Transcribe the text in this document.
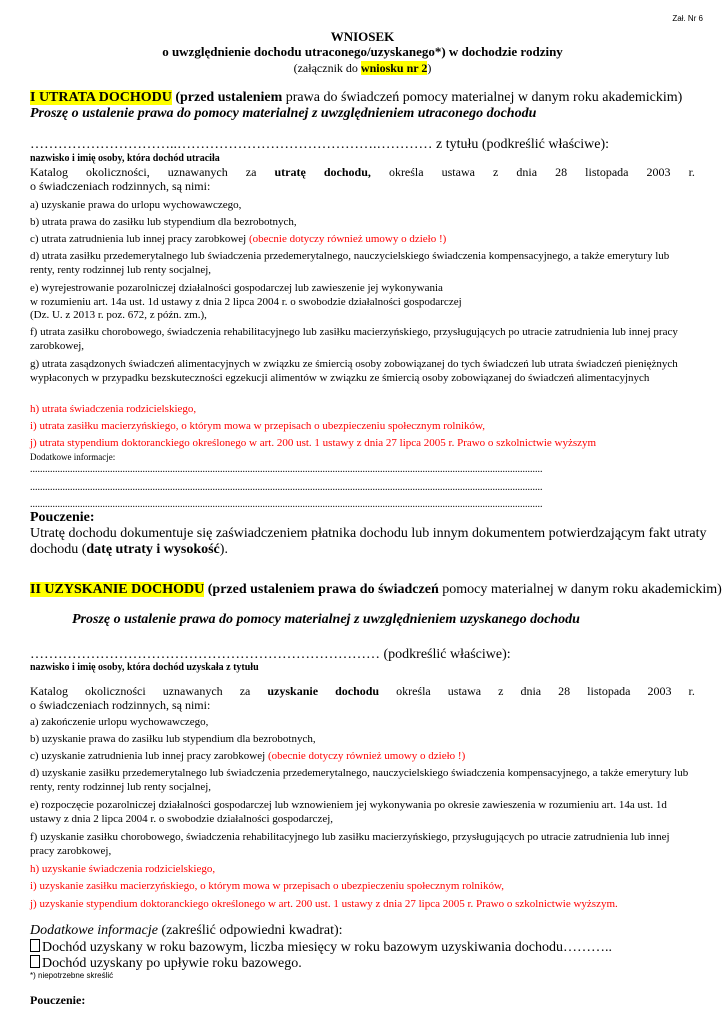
Zał. Nr 6
WNIOSEK
o uwzględnienie dochodu utraconego/uzyskanego*) w dochodzie rodziny
(załącznik do wniosku nr 2)
I UTRATA DOCHODU (przed ustaleniem prawa do świadczeń pomocy materialnej w danym roku akademickim)
Proszę o ustalenie prawa do pomocy materialnej z uwzględnieniem utraconego dochodu
…………………………..…………………………………….………… z tytułu (podkreślić właściwe):
nazwisko i imię osoby, która dochód utraciła
Katalog okoliczności, uznawanych za utratę dochodu, określa ustawa z dnia 28 listopada 2003 r.
o świadczeniach rodzinnych, są nimi:
a) uzyskanie prawa do urlopu wychowawczego,
b) utrata prawa do zasiłku lub stypendium dla bezrobotnych,
c) utrata zatrudnienia lub innej pracy zarobkowej (obecnie dotyczy również umowy o dzieło !)
d) utrata zasiłku przedemerytalnego lub świadczenia przedemerytalnego, nauczycielskiego świadczenia kompensacyjnego, a także emerytury lub renty, renty rodzinnej lub renty socjalnej,
e) wyrejestrowanie pozarolniczej działalności gospodarczej lub zawieszenie jej wykonywania
w rozumieniu art. 14a ust. 1d ustawy z dnia 2 lipca 2004 r. o swobodzie działalności gospodarczej
(Dz. U. z 2013 r. poz. 672, z późn. zm.),
f) utrata zasiłku chorobowego, świadczenia rehabilitacyjnego lub zasiłku macierzyńskiego, przysługujących po utracie zatrudnienia lub innej pracy zarobkowej,
g) utrata zasądzonych świadczeń alimentacyjnych w związku ze śmiercią osoby zobowiązanej do tych świadczeń lub utrata świadczeń pieniężnych wypłaconych w przypadku bezskuteczności egzekucji alimentów w związku ze śmiercią osoby zobowiązanej do świadczeń alimentacyjnych
h) utrata świadczenia rodzicielskiego,
i) utrata zasiłku macierzyńskiego, o którym mowa w przepisach o ubezpieczeniu społecznym rolników,
j) utrata stypendium doktoranckiego określonego w art. 200 ust. 1 ustawy z dnia 27 lipca 2005 r. Prawo o szkolnictwie wyższym
Dodatkowe informacje:
.............................................................................................................................................................................................................
.............................................................................................................................................................................................................
.............................................................................................................................................................................................................
Pouczenie:
Utratę dochodu dokumentuje się zaświadczeniem płatnika dochodu lub innym dokumentem potwierdzającym fakt utraty
dochodu (datę utraty i wysokość).
II UZYSKANIE DOCHODU (przed ustaleniem prawa do świadczeń pomocy materialnej w danym roku akademickim)
Proszę o ustalenie prawa do pomocy materialnej z uwzględnieniem uzyskanego dochodu
………………………………………………………………… (podkreślić właściwe):
nazwisko i imię osoby, która dochód uzyskała z tytułu
Katalog okoliczności uznawanych za uzyskanie dochodu określa ustawa z dnia 28 listopada 2003 r.
o świadczeniach rodzinnych, są nimi:
a) zakończenie urlopu wychowawczego,
b) uzyskanie prawa do zasiłku lub stypendium dla bezrobotnych,
c) uzyskanie zatrudnienia lub innej pracy zarobkowej (obecnie dotyczy również umowy o dzieło !)
d) uzyskanie zasiłku przedemerytalnego lub świadczenia przedemerytalnego, nauczycielskiego świadczenia kompensacyjnego, a także emerytury lub renty, renty rodzinnej lub renty socjalnej,
e) rozpoczęcie pozarolniczej działalności gospodarczej lub wznowieniem jej wykonywania po okresie zawieszenia w rozumieniu art. 14a ust. 1d ustawy z dnia 2 lipca 2004 r. o swobodzie działalności gospodarczej,
f) uzyskanie zasiłku chorobowego, świadczenia rehabilitacyjnego lub zasiłku macierzyńskiego, przysługujących po utracie zatrudnienia lub innej pracy zarobkowej,
h) uzyskanie świadczenia rodzicielskiego,
i) uzyskanie zasiłku macierzyńskiego, o którym mowa w przepisach o ubezpieczeniu społecznym rolników,
j) uzyskanie stypendium doktoranckiego określonego w art. 200 ust. 1 ustawy z dnia 27 lipca 2005 r. Prawo o szkolnictwie wyższym.
Dodatkowe informacje (zakreślić odpowiedni kwadrat):
Dochód uzyskany w roku bazowym, liczba miesięcy w roku bazowym uzyskiwania dochodu………..
Dochód uzyskany po upływie roku bazowego.
*) niepotrzebne skreślić
Pouczenie:
